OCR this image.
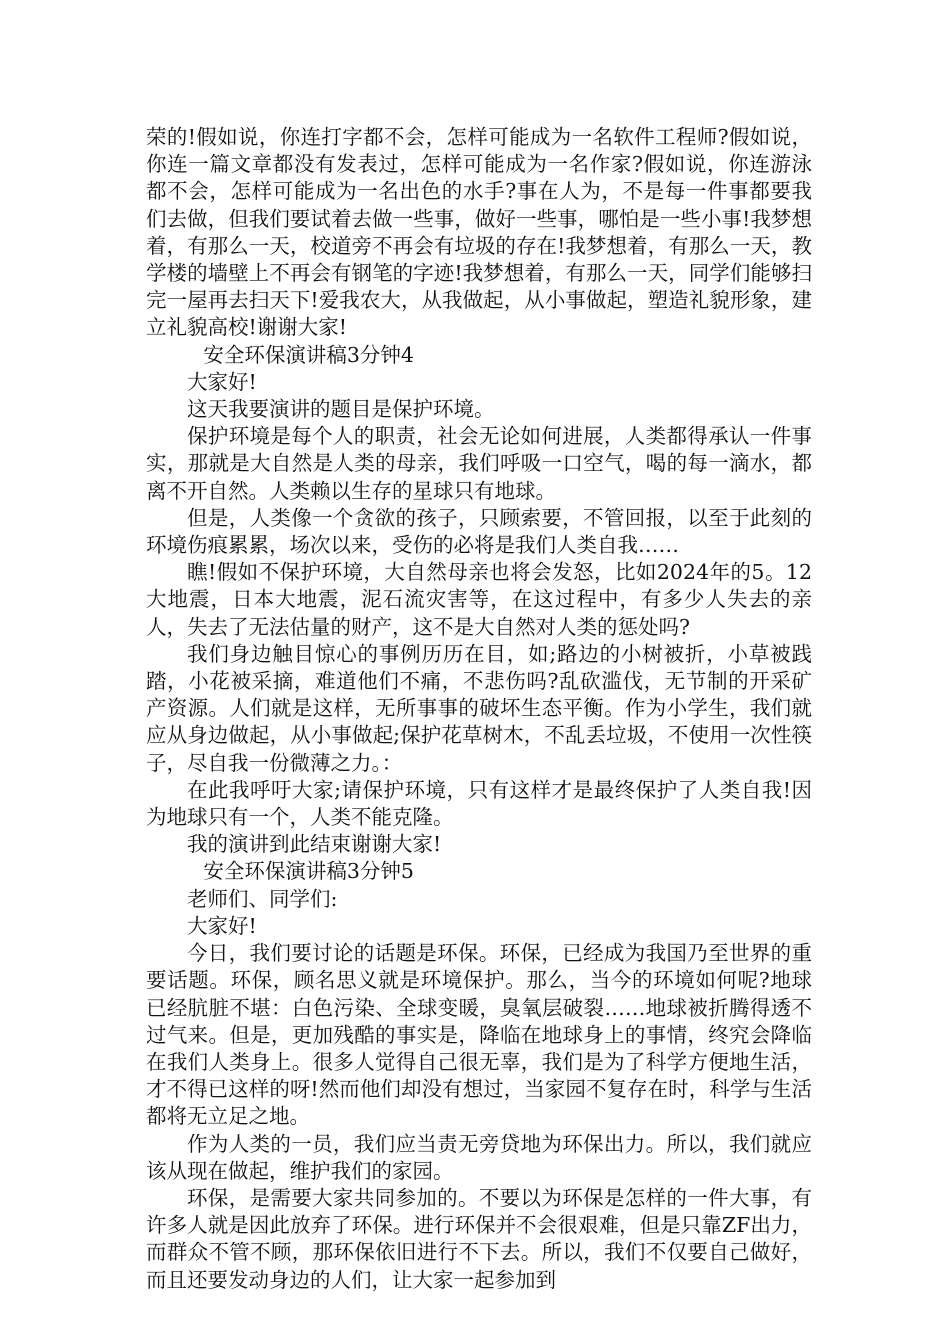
荣的!假如说，你连打字都不会，怎样可能成为一名软件工程师?假如说，你连一篇文章都没有发表过，怎样可能成为一名作家?假如说，你连游泳都不会，怎样可能成为一名出色的水手?事在人为，不是每一件事都要我们去做，但我们要试着去做一些事，做好一些事，哪怕是一些小事!我梦想着，有那么一天，校道旁不再会有垃圾的存在!我梦想着，有那么一天，教学楼的墙壁上不再会有钢笔的字迹!我梦想着，有那么一天，同学们能够扫完一屋再去扫天下!爱我农大，从我做起，从小事做起，塑造礼貌形象，建立礼貌高校!谢谢大家!

安全环保演讲稿3分钟4

大家好!

这天我要演讲的题目是保护环境。

保护环境是每个人的职责，社会无论如何进展，人类都得承认一件事实，那就是大自然是人类的母亲，我们呼吸一口空气，喝的每一滴水，都离不开自然。人类赖以生存的星球只有地球。

但是，人类像一个贪欲的孩子，只顾索要，不管回报，以至于此刻的环境伤痕累累，场次以来，受伤的必将是我们人类自我……

瞧!假如不保护环境，大自然母亲也将会发怒，比如2024年的5。12大地震，日本大地震，泥石流灾害等，在这过程中，有多少人失去的亲人，失去了无法估量的财产，这不是大自然对人类的惩处吗?

我们身边触目惊心的事例历历在目，如;路边的小树被折，小草被践踏，小花被采摘，难道他们不痛，不悲伤吗?乱砍滥伐，无节制的开采矿产资源。人们就是这样，无所事事的破坏生态平衡。作为小学生，我们就应从身边做起，从小事做起;保护花草树木，不乱丢垃圾，不使用一次性筷子，尽自我一份微薄之力。：

在此我呼吁大家;请保护环境，只有这样才是最终保护了人类自我!因为地球只有一个，人类不能克隆。

我的演讲到此结束谢谢大家!

安全环保演讲稿3分钟5

老师们、同学们:

大家好!

今日，我们要讨论的话题是环保。环保，已经成为我国乃至世界的重要话题。环保，顾名思义就是环境保护。那么，当今的环境如何呢?地球已经肮脏不堪：白色污染、全球变暖，臭氧层破裂……地球被折腾得透不过气来。但是，更加残酷的事实是，降临在地球身上的事情，终究会降临在我们人类身上。很多人觉得自己很无辜，我们是为了科学方便地生活，才不得已这样的呀!然而他们却没有想过，当家园不复存在时，科学与生活都将无立足之地。

作为人类的一员，我们应当责无旁贷地为环保出力。所以，我们就应该从现在做起，维护我们的家园。

环保，是需要大家共同参加的。不要以为环保是怎样的一件大事，有许多人就是因此放弃了环保。进行环保并不会很艰难，但是只靠ZF出力，而群众不管不顾，那环保依旧进行不下去。所以，我们不仅要自己做好，而且还要发动身边的人们，让大家一起参加到
